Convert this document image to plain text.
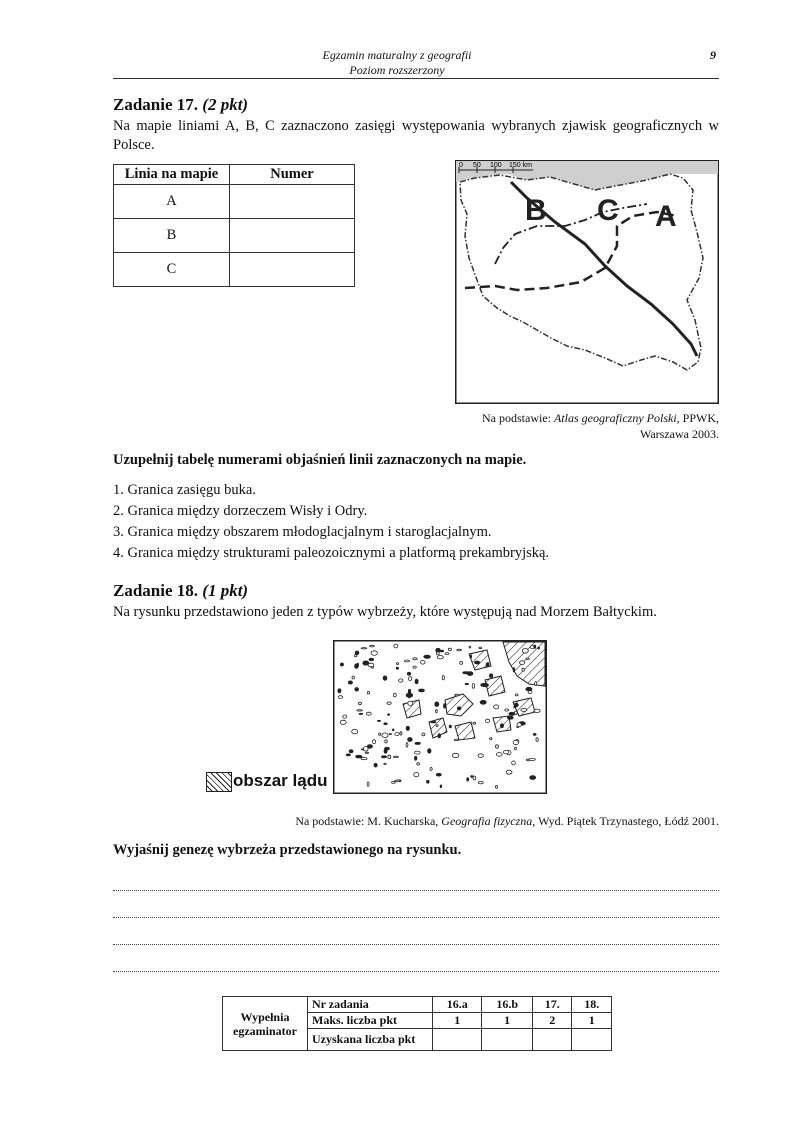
Egzamin maturalny z geografii
Poziom rozszerzony
9
Zadanie 17. (2 pkt)
Na mapie liniami A, B, C zaznaczono zasięgi występowania wybranych zjawisk geograficznych w Polsce.
Linia na mapie	Numer
A	
B	
C	
0 50 100 150 km
B C A
Na podstawie: Atlas geograficzny Polski, PPWK,
Warszawa 2003.
Uzupełnij tabelę numerami objaśnień linii zaznaczonych na mapie.
1. Granica zasięgu buka.
2. Granica między dorzeczem Wisły i Odry.
3. Granica między obszarem młodoglacjalnym i staroglacjalnym.
4. Granica między strukturami paleozoicznymi a platformą prekambryjską.
Zadanie 18. (1 pkt)
Na rysunku przedstawiono jeden z typów wybrzeży, które występują nad Morzem Bałtyckim.
obszar lądu
Na podstawie: M. Kucharska, Geografia fizyczna, Wyd. Piątek Trzynastego, Łódź 2001.
Wyjaśnij genezę wybrzeża przedstawionego na rysunku.
Wypełnia egzaminator	Nr zadania	16.a	16.b	17.	18.
	Maks. liczba pkt	1	1	2	1
	Uzyskana liczba pkt				
